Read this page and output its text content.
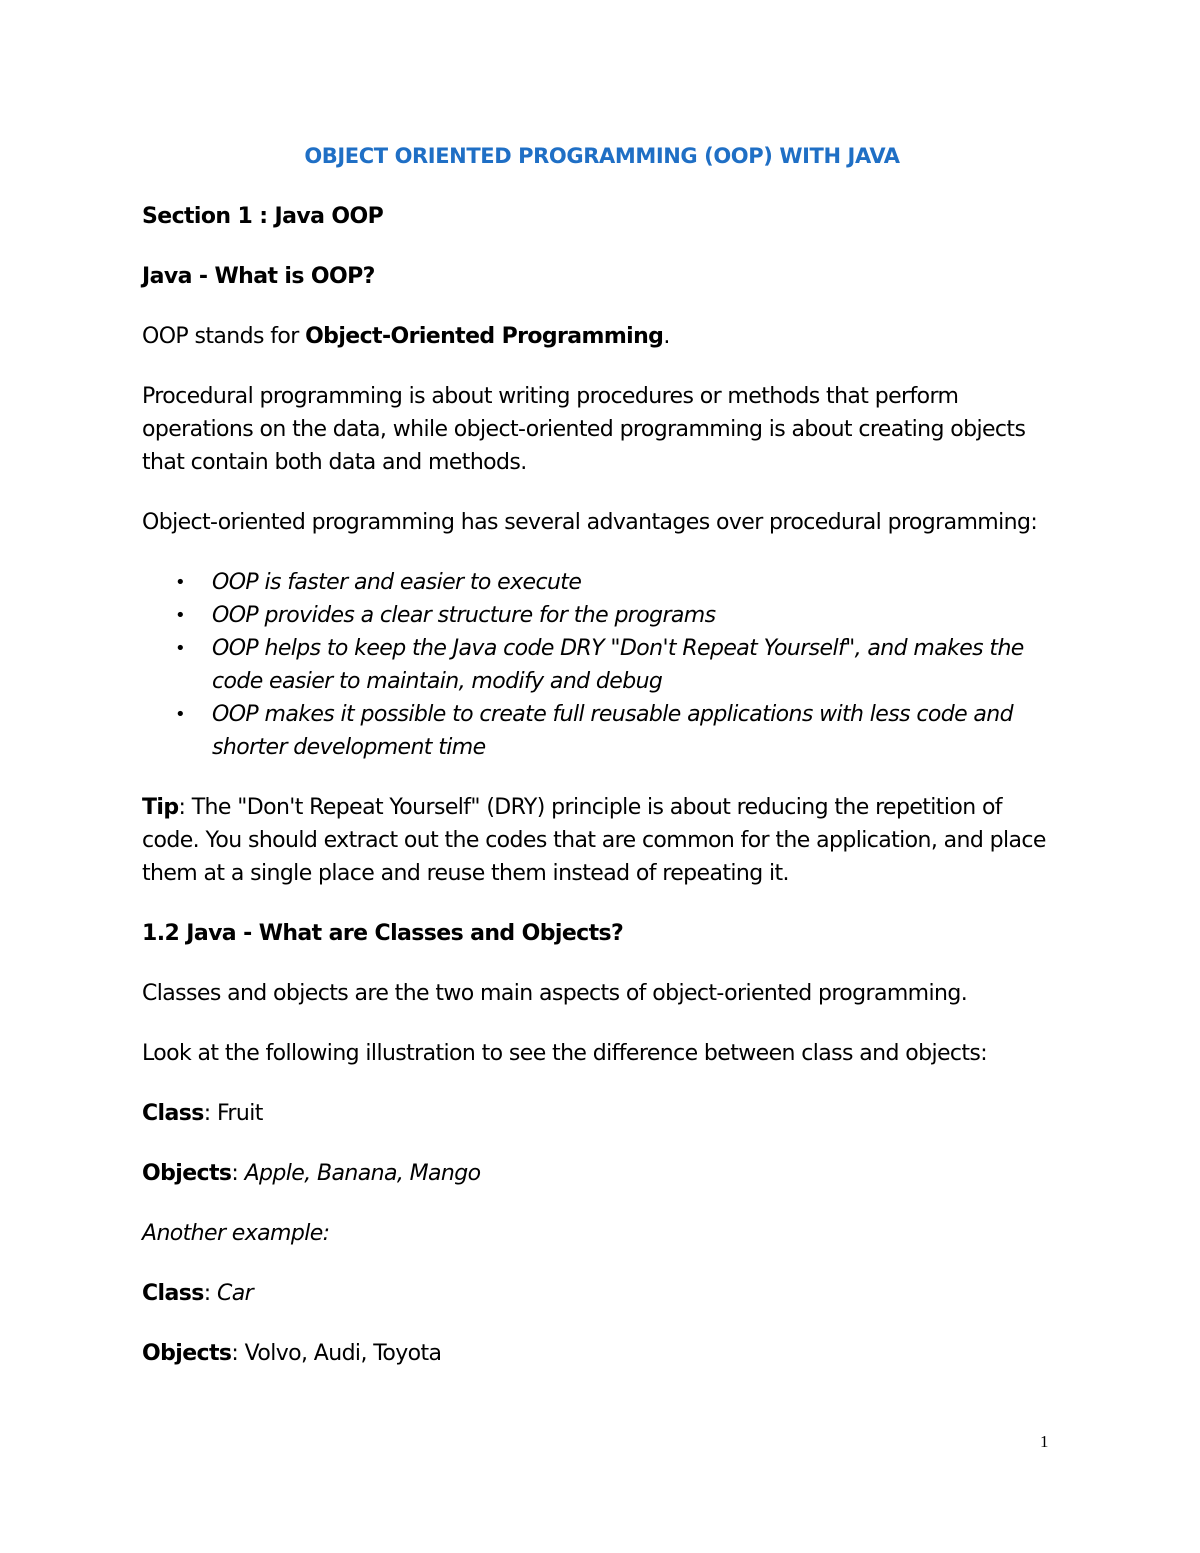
OBJECT ORIENTED PROGRAMMING (OOP) WITH JAVA
Section 1 : Java OOP
Java - What is OOP?

OOP stands for Object-Oriented Programming.

Procedural programming is about writing procedures or methods that perform operations on the data, while object-oriented programming is about creating objects that contain both data and methods.

Object-oriented programming has several advantages over procedural programming:

• OOP is faster and easier to execute
• OOP provides a clear structure for the programs
• OOP helps to keep the Java code DRY "Don't Repeat Yourself", and makes the code easier to maintain, modify and debug
• OOP makes it possible to create full reusable applications with less code and shorter development time

Tip: The "Don't Repeat Yourself" (DRY) principle is about reducing the repetition of code. You should extract out the codes that are common for the application, and place them at a single place and reuse them instead of repeating it.

1.2 Java - What are Classes and Objects?

Classes and objects are the two main aspects of object-oriented programming.

Look at the following illustration to see the difference between class and objects:

Class: Fruit

Objects: Apple, Banana, Mango

Another example:

Class: Car

Objects: Volvo, Audi, Toyota

1
